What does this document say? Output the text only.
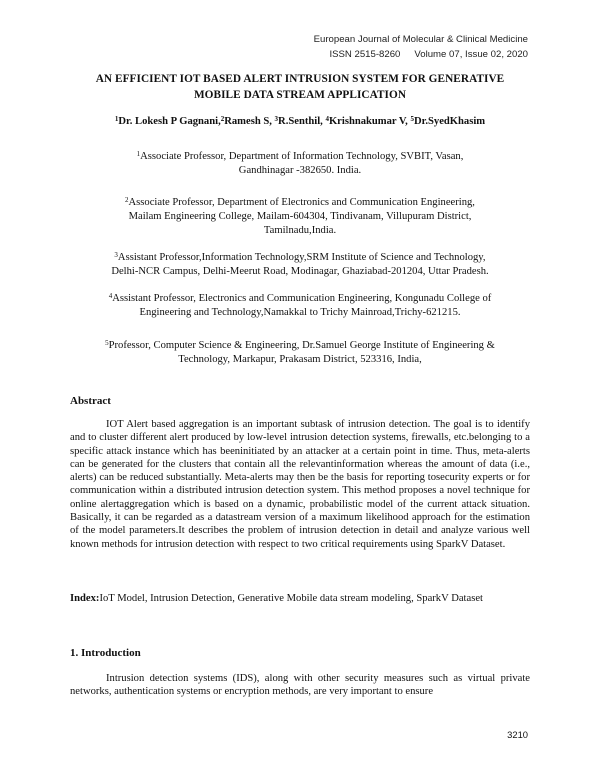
European Journal of Molecular & Clinical Medicine
ISSN 2515-8260 Volume 07, Issue 02, 2020
AN EFFICIENT IOT BASED ALERT INTRUSION SYSTEM FOR GENERATIVE
MOBILE DATA STREAM APPLICATION
$^1$Dr. Lokesh P Gagnani,$^2$Ramesh S, $^3$R.Senthil, $^4$Krishnakumar V, $^5$Dr.SyedKhasim
$^1$Associate Professor, Department of Information Technology, SVBIT, Vasan,
Gandhinagar -382650. India.
$^2$Associate Professor, Department of Electronics and Communication Engineering,
Mailam Engineering College, Mailam-604304, Tindivanam, Villupuram District,
Tamilnadu,India.
$^3$Assistant Professor,Information Technology,SRM Institute of Science and Technology,
Delhi-NCR Campus, Delhi-Meerut Road, Modinagar, Ghaziabad-201204, Uttar Pradesh.
$^4$Assistant Professor, Electronics and Communication Engineering, Kongunadu College of
Engineering and Technology,Namakkal to Trichy Mainroad,Trichy-621215.
$^5$Professor, Computer Science & Engineering, Dr.Samuel George Institute of Engineering &
Technology, Markapur, Prakasam District, 523316, India,
Abstract

IOT Alert based aggregation is an important subtask of intrusion detection. The goal is to identify and to cluster different alert produced by low-level intrusion detection systems, firewalls, etc.belonging to a specific attack instance which has beeninitiated by an attacker at a certain point in time. Thus, meta-alerts can be generated for the clusters that contain all the relevantinformation whereas the amount of data (i.e., alerts) can be reduced substantially. Meta-alerts may then be the basis for reporting tosecurity experts or for communication within a distributed intrusion detection system. This method proposes a novel technique for online alertaggregation which is based on a dynamic, probabilistic model of the current attack situation. Basically, it can be regarded as a datastream version of a maximum likelihood approach for the estimation of the model parameters.It describes the problem of intrusion detection in detail and analyze various well known methods for intrusion detection with respect to two critical requirements using SparkV Dataset.

Index:IoT Model, Intrusion Detection, Generative Mobile data stream modeling, SparkV Dataset

1. Introduction

Intrusion detection systems (IDS), along with other security measures such as virtual private networks, authentication systems or encryption methods, are very important to ensure

3210
